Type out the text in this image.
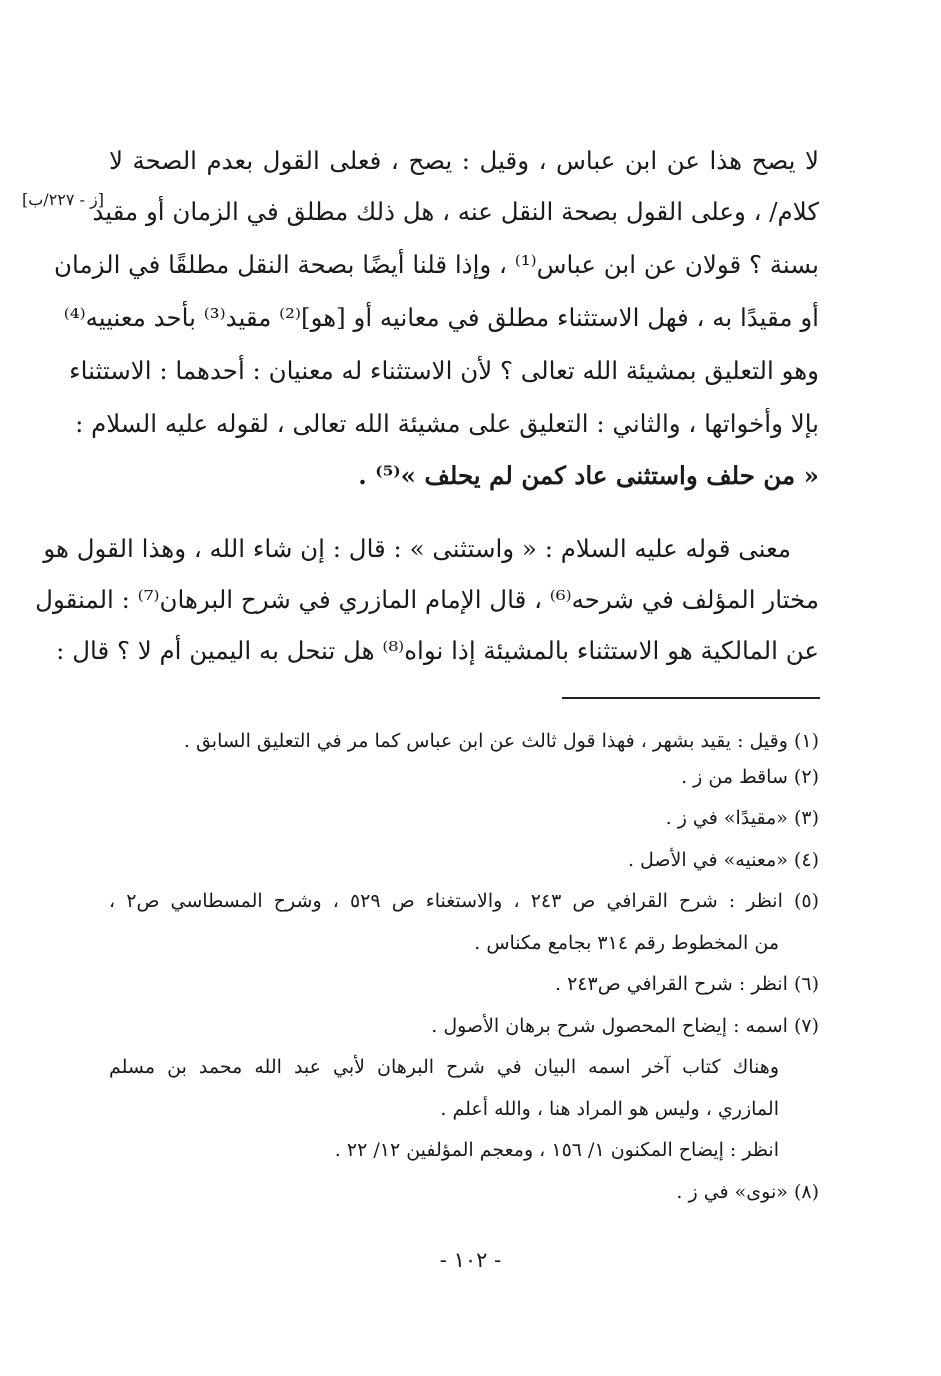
[ز - ٢٢٧/ب]
لا يصح هذا عن ابن عباس ، وقيل : يصح ، فعلى القول بعدم الصحة لا
كلام/ ، وعلى القول بصحة النقل عنه ، هل ذلك مطلق في الزمان أو مقيد
بسنة ؟ قولان عن ابن عباس⁽¹⁾ ، وإذا قلنا أيضًا بصحة النقل مطلقًا في الزمان
أو مقيدًا به ، فهل الاستثناء مطلق في معانيه أو [هو]⁽²⁾ مقيد⁽³⁾ بأحد معنييه⁽⁴⁾
وهو التعليق بمشيئة الله تعالى ؟ لأن الاستثناء له معنيان : أحدهما : الاستثناء
بإلا وأخواتها ، والثاني : التعليق على مشيئة الله تعالى ، لقوله عليه السلام :
« من حلف واستثنى عاد كمن لم يحلف »⁽⁵⁾ .
معنى قوله عليه السلام : « واستثنى » : قال : إن شاء الله ، وهذا القول هو
مختار المؤلف في شرحه⁽⁶⁾ ، قال الإمام المازري في شرح البرهان⁽⁷⁾ : المنقول
عن المالكية هو الاستثناء بالمشيئة إذا نواه⁽⁸⁾ هل تنحل به اليمين أم لا ؟ قال :
(١) وقيل : يقيد بشهر ، فهذا قول ثالث عن ابن عباس كما مر في التعليق السابق .
(٢) ساقط من ز .
(٣) «مقيدًا» في ز .
(٤) «معنيه» في الأصل .
(٥) انظر : شرح القرافي ص ٢٤٣ ، والاستغناء ص ٥٢٩ ، وشرح المسطاسي ص٢ ،
من المخطوط رقم ٣١٤ بجامع مكناس .
(٦) انظر : شرح القرافي ص٢٤٣ .
(٧) اسمه : إيضاح المحصول شرح برهان الأصول .
وهناك كتاب آخر اسمه البيان في شرح البرهان لأبي عبد الله محمد بن مسلم
المازري ، وليس هو المراد هنا ، والله أعلم .
انظر : إيضاح المكنون ١/ ١٥٦ ، ومعجم المؤلفين ١٢/ ٢٢ .
(٨) «نوى» في ز .
- ١٠٢ -
